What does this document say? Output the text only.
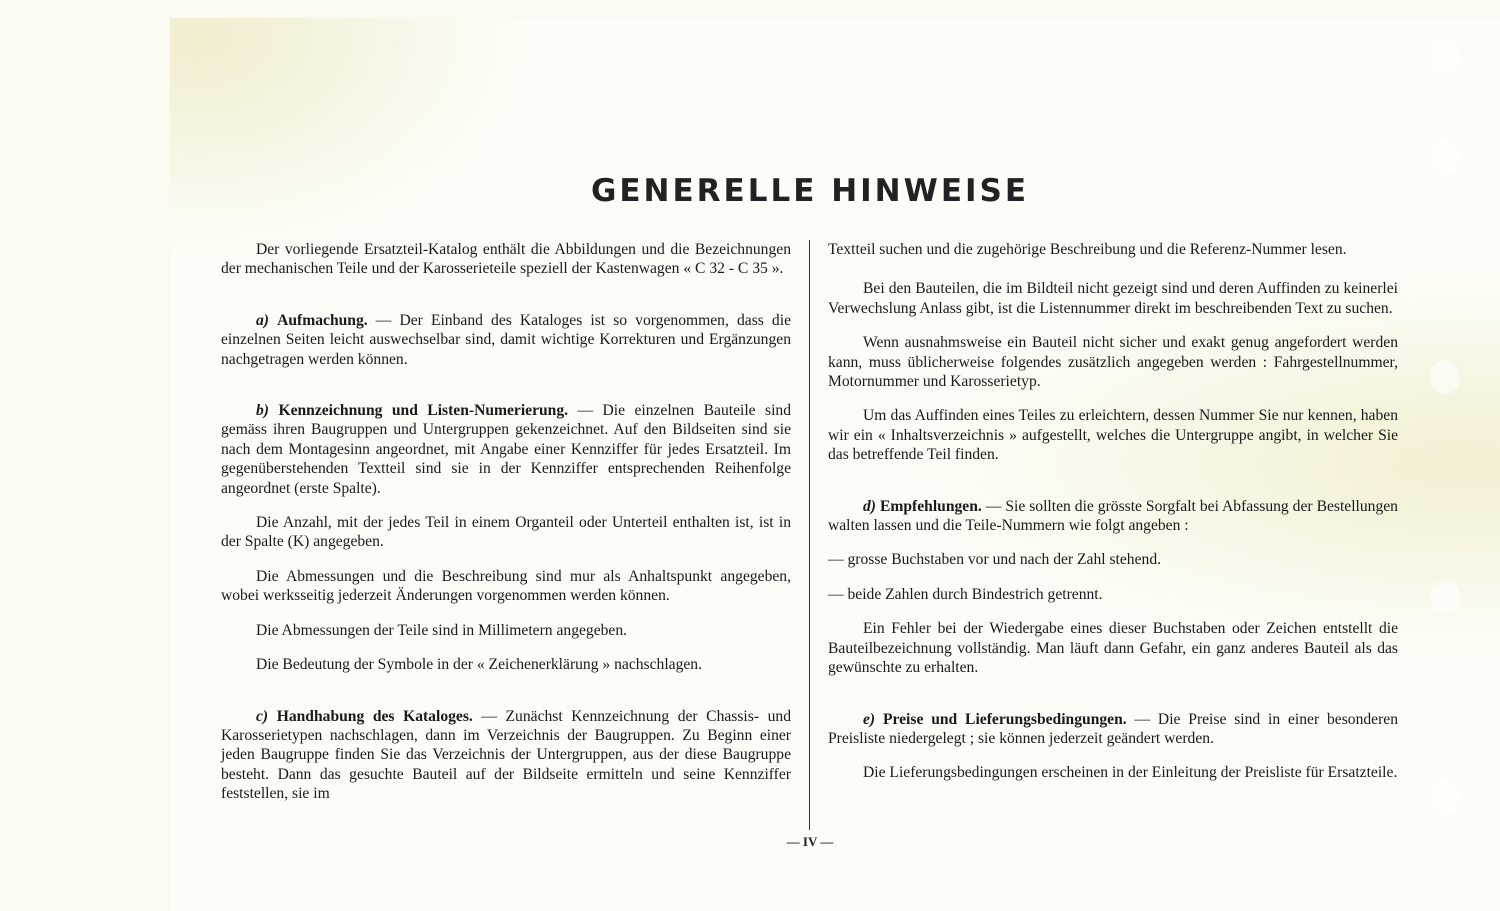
GENERELLE HINWEISE

Der vorliegende Ersatzteil-Katalog enthält die Abbildungen und die Bezeichnungen der mechanischen Teile und der Karosserieteile speziell der Kastenwagen « C 32 - C 35 ».

a) Aufmachung. — Der Einband des Kataloges ist so vorgenommen, dass die einzelnen Seiten leicht auswechselbar sind, damit wichtige Korrekturen und Ergänzungen nachgetragen werden können.

b) Kennzeichnung und Listen-Numerierung. — Die einzelnen Bauteile sind gemäss ihren Baugruppen und Untergruppen gekenzeichnet. Auf den Bildseiten sind sie nach dem Montagesinn angeordnet, mit Angabe einer Kennziffer für jedes Ersatzteil. Im gegenüberstehenden Textteil sind sie in der Kennziffer entsprechenden Reihenfolge angeordnet (erste Spalte).

Die Anzahl, mit der jedes Teil in einem Organteil oder Unterteil enthalten ist, ist in der Spalte (K) angegeben.

Die Abmessungen und die Beschreibung sind mur als Anhaltspunkt angegeben, wobei werksseitig jederzeit Änderungen vorgenommen werden können.

Die Abmessungen der Teile sind in Millimetern angegeben.

Die Bedeutung der Symbole in der « Zeichenerklärung » nachschlagen.

c) Handhabung des Kataloges. — Zunächst Kennzeichnung der Chassis- und Karosserietypen nachschlagen, dann im Verzeichnis der Baugruppen. Zu Beginn einer jeden Baugruppe finden Sie das Verzeichnis der Untergruppen, aus der diese Baugruppe besteht. Dann das gesuchte Bauteil auf der Bildseite ermitteln und seine Kennziffer feststellen, sie im

Textteil suchen und die zugehörige Beschreibung und die Referenz-Nummer lesen.

Bei den Bauteilen, die im Bildteil nicht gezeigt sind und deren Auffinden zu keinerlei Verwechslung Anlass gibt, ist die Listennummer direkt im beschreibenden Text zu suchen.

Wenn ausnahmsweise ein Bauteil nicht sicher und exakt genug angefordert werden kann, muss üblicherweise folgendes zusätzlich angegeben werden : Fahrgestellnummer, Motornummer und Karosserietyp.

Um das Auffinden eines Teiles zu erleichtern, dessen Nummer Sie nur kennen, haben wir ein « Inhaltsverzeichnis » aufgestellt, welches die Untergruppe angibt, in welcher Sie das betreffende Teil finden.

d) Empfehlungen. — Sie sollten die grösste Sorgfalt bei Abfassung der Bestellungen walten lassen und die Teile-Nummern wie folgt angeben :

— grosse Buchstaben vor und nach der Zahl stehend.

— beide Zahlen durch Bindestrich getrennt.

Ein Fehler bei der Wiedergabe eines dieser Buchstaben oder Zeichen entstellt die Bauteilbezeichnung vollständig. Man läuft dann Gefahr, ein ganz anderes Bauteil als das gewünschte zu erhalten.

e) Preise und Lieferungsbedingungen. — Die Preise sind in einer besonderen Preisliste niedergelegt ; sie können jederzeit geändert werden.

Die Lieferungsbedingungen erscheinen in der Einleitung der Preisliste für Ersatzteile.

— IV —
